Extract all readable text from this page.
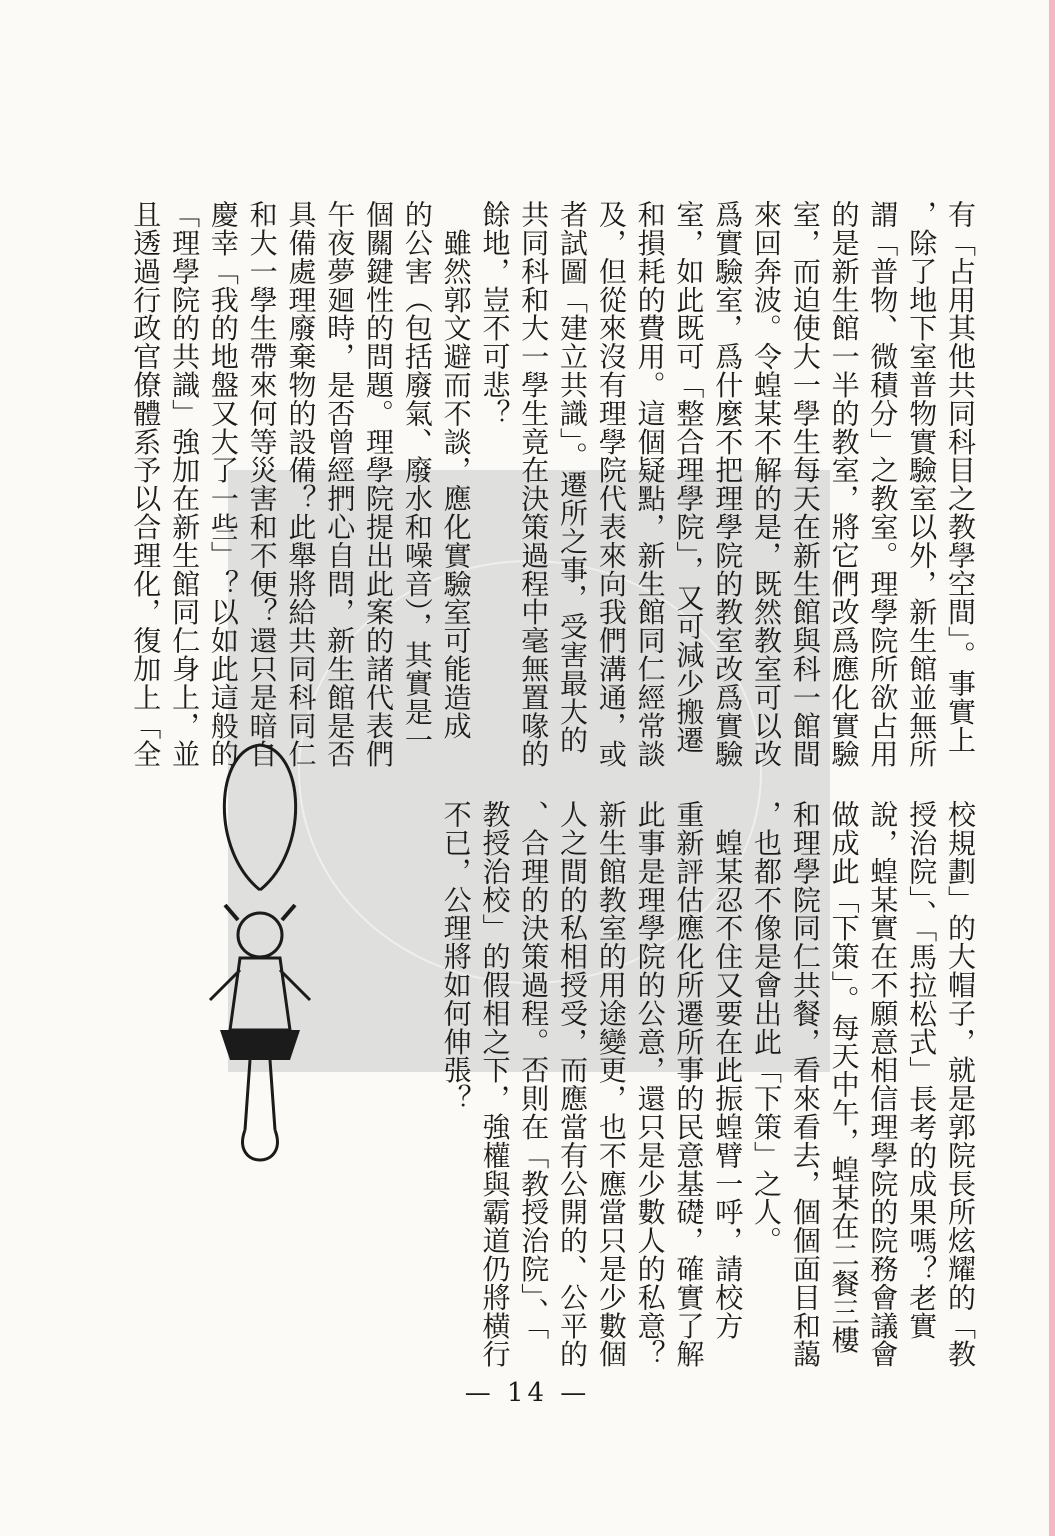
有「占用其他共同科目之教學空間」。事實上

，除了地下室普物實驗室以外，新生館並無所

謂「普物、微積分」之教室。理學院所欲占用

的是新生館一半的教室，將它們改爲應化實驗

室，而迫使大一學生每天在新生館與科一館間

來回奔波。令蝗某不解的是，既然教室可以改

爲實驗室，爲什麼不把理學院的教室改爲實驗

室，如此既可「整合理學院」，又可減少搬遷

和損耗的費用。這個疑點，新生館同仁經常談

及，但從來沒有理學院代表來向我們溝通，或

者試圖「建立共識」。遷所之事，受害最大的

共同科和大一學生竟在決策過程中毫無置喙的

餘地，豈不可悲？

　雖然郭文避而不談，應化實驗室可能造成

的公害（包括廢氣、廢水和噪音），其實是一

個關鍵性的問題。理學院提出此案的諸代表們

午夜夢廻時，是否曾經捫心自問，新生館是否

具備處理廢棄物的設備？此舉將給共同科同仁

和大一學生帶來何等災害和不便？還只是暗自

慶幸「我的地盤又大了一些」？以如此這般的

「理學院的共識」強加在新生館同仁身上，並

且透過行政官僚體系予以合理化，復加上「全

校規劃」的大帽子，就是郭院長所炫耀的「教

授治院」、「馬拉松式」長考的成果嗎？老實

說，蝗某實在不願意相信理學院的院務會議會

做成此「下策」。每天中午，蝗某在二餐三樓

和理學院同仁共餐，看來看去，個個面目和藹

，也都不像是會出此「下策」之人。

　蝗某忍不住又要在此振蝗臂一呼，請校方

重新評估應化所遷所事的民意基礎，確實了解

此事是理學院的公意，還只是少數人的私意？

新生館教室的用途變更，也不應當只是少數個

人之間的私相授受，而應當有公開的、公平的

、合理的決策過程。否則在「教授治院」、「

教授治校」的假相之下，強權與霸道仍將横行

不已，公理將如何伸張？

— 14 —
